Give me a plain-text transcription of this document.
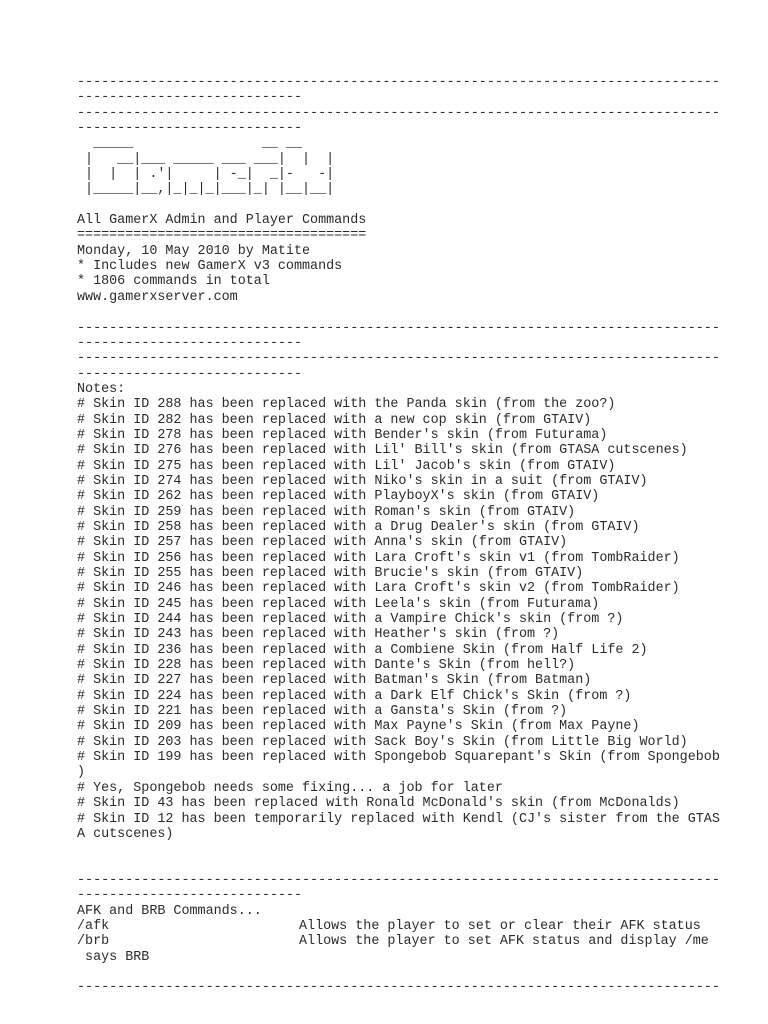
--------------------------------------------------------------------------------
----------------------------
--------------------------------------------------------------------------------
----------------------------
_____                __ __
|   __|___ _____ ___ ___|  |  |
|  |  | .'|     | -_|  _|-   -|
|_____|__,|_|_|_|___|_| |__|__|
All GamerX Admin and Player Commands
====================================
Monday, 10 May 2010 by Matite
* Includes new GamerX v3 commands
* 1806 commands in total
www.gamerxserver.com
--------------------------------------------------------------------------------
----------------------------
--------------------------------------------------------------------------------
----------------------------
Notes:
# Skin ID 288 has been replaced with the Panda skin (from the zoo?)
# Skin ID 282 has been replaced with a new cop skin (from GTAIV)
# Skin ID 278 has been replaced with Bender's skin (from Futurama)
# Skin ID 276 has been replaced with Lil' Bill's skin (from GTASA cutscenes)
# Skin ID 275 has been replaced with Lil' Jacob's skin (from GTAIV)
# Skin ID 274 has been replaced with Niko's skin in a suit (from GTAIV)
# Skin ID 262 has been replaced with PlayboyX's skin (from GTAIV)
# Skin ID 259 has been replaced with Roman's skin (from GTAIV)
# Skin ID 258 has been replaced with a Drug Dealer's skin (from GTAIV)
# Skin ID 257 has been replaced with Anna's skin (from GTAIV)
# Skin ID 256 has been replaced with Lara Croft's skin v1 (from TombRaider)
# Skin ID 255 has been replaced with Brucie's skin (from GTAIV)
# Skin ID 246 has been replaced with Lara Croft's skin v2 (from TombRaider)
# Skin ID 245 has been replaced with Leela's skin (from Futurama)
# Skin ID 244 has been replaced with a Vampire Chick's skin (from ?)
# Skin ID 243 has been replaced with Heather's skin (from ?)
# Skin ID 236 has been replaced with a Combiene Skin (from Half Life 2)
# Skin ID 228 has been replaced with Dante's Skin (from hell?)
# Skin ID 227 has been replaced with Batman's Skin (from Batman)
# Skin ID 224 has been replaced with a Dark Elf Chick's Skin (from ?)
# Skin ID 221 has been replaced with a Gansta's Skin (from ?)
# Skin ID 209 has been replaced with Max Payne's Skin (from Max Payne)
# Skin ID 203 has been replaced with Sack Boy's Skin (from Little Big World)
# Skin ID 199 has been replaced with Spongebob Squarepant's Skin (from Spongebob
)
# Yes, Spongebob needs some fixing... a job for later
# Skin ID 43 has been replaced with Ronald McDonald's skin (from McDonalds)
# Skin ID 12 has been temporarily replaced with Kendl (CJ's sister from the GTAS
A cutscenes)
--------------------------------------------------------------------------------
----------------------------
AFK and BRB Commands...
/afk	Allows the player to set or clear their AFK status
/brb	Allows the player to set AFK status and display /me
says BRB
--------------------------------------------------------------------------------
